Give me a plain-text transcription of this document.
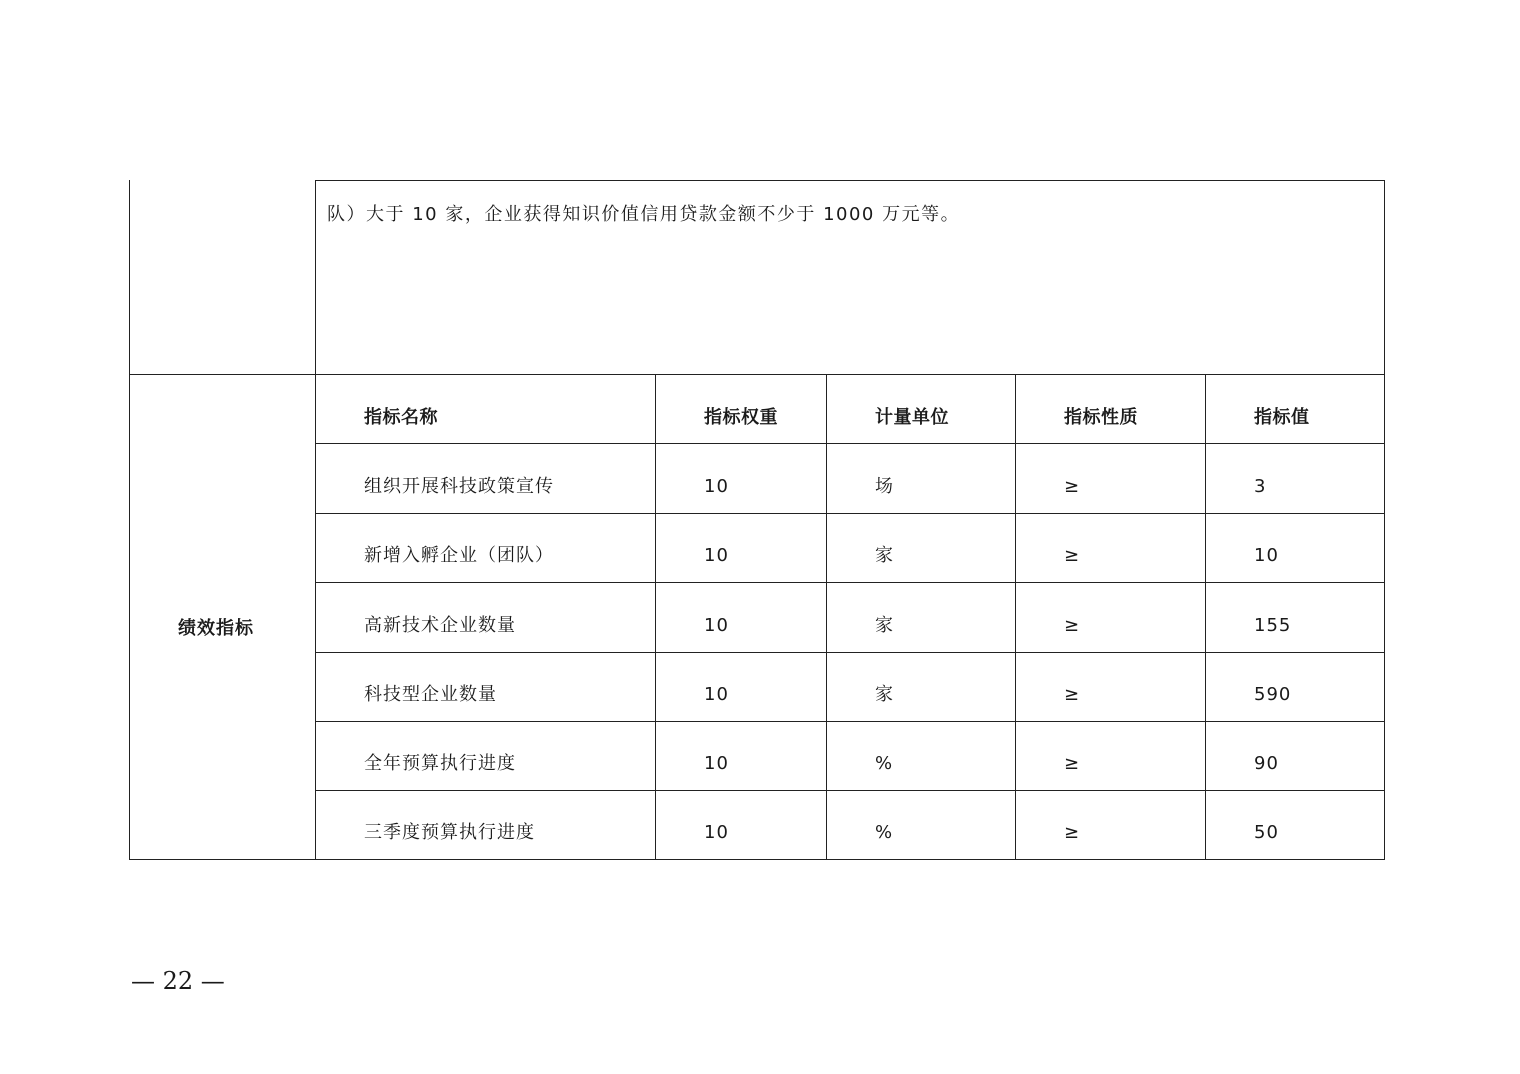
队）大于 10 家，企业获得知识价值信用贷款金额不少于 1000 万元等。
绩效指标
指标名称	指标权重	计量单位	指标性质	指标值
组织开展科技政策宣传	10	场	≥	3
新增入孵企业（团队）	10	家	≥	10
高新技术企业数量	10	家	≥	155
科技型企业数量	10	家	≥	590
全年预算执行进度	10	%	≥	90
三季度预算执行进度	10	%	≥	50
— 22 —
